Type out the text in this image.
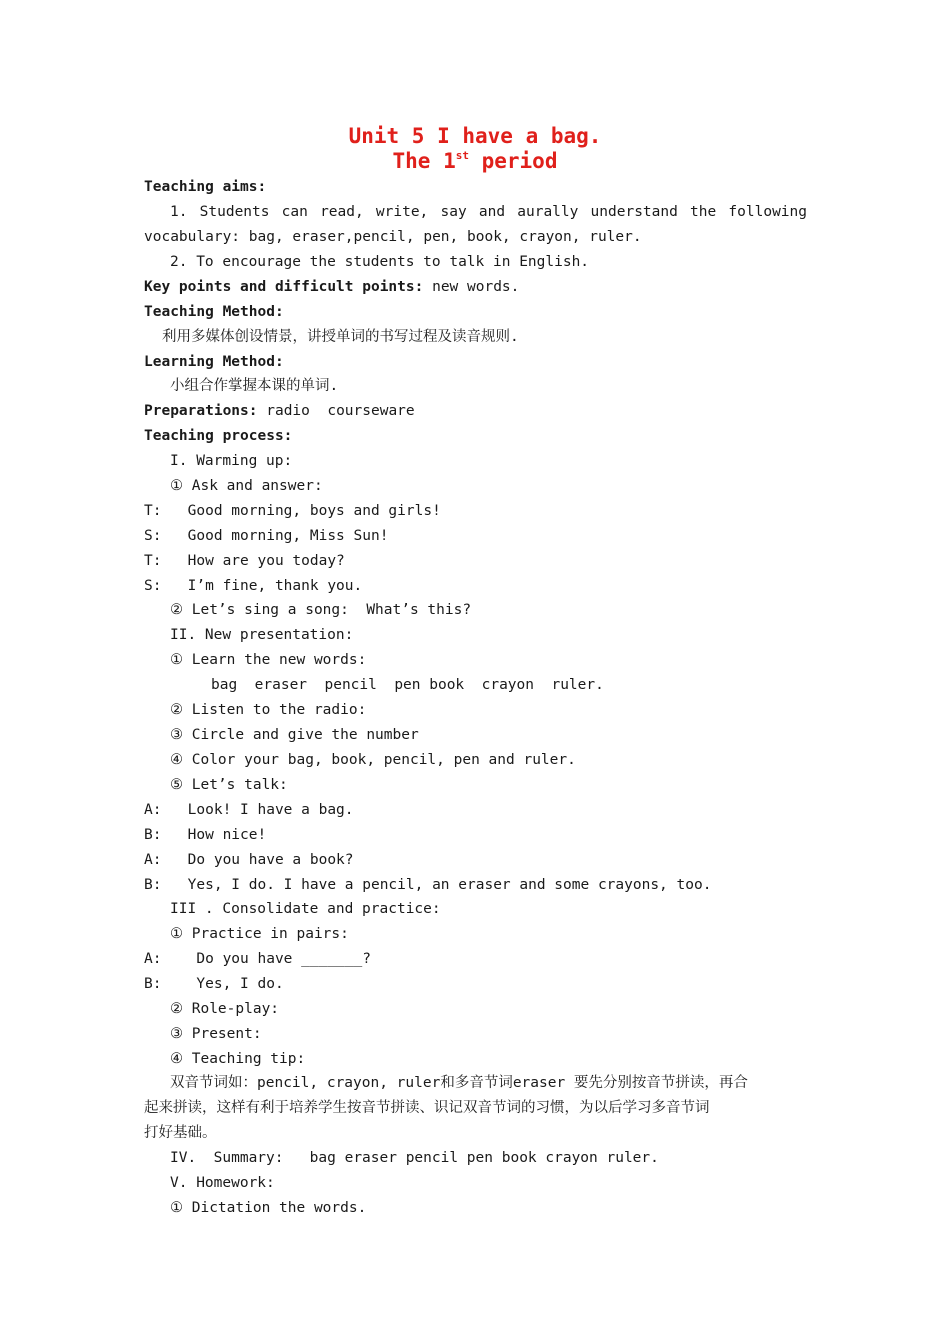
Unit 5 I have a bag.
The 1st period
Teaching aims:
1. Students can read, write, say and aurally understand the following
vocabulary: bag, eraser,pencil, pen, book, crayon, ruler.
2. To encourage the students to talk in English.
Key points and difficult points: new words.
Teaching Method:
利用多媒体创设情景，讲授单词的书写过程及读音规则.
Learning Method:
小组合作掌握本课的单词.
Preparations: radio  courseware
Teaching process:
I. Warming up:
① Ask and answer:
T:   Good morning, boys and girls!
S:   Good morning, Miss Sun!
T:   How are you today?
S:   I’m fine, thank you.
② Let’s sing a song:  What’s this?
II. New presentation:
① Learn the new words:
bag  eraser  pencil  pen book  crayon  ruler.
② Listen to the radio:
③ Circle and give the number
④ Color your bag, book, pencil, pen and ruler.
⑤ Let’s talk:
A:   Look! I have a bag.
B:   How nice!
A:   Do you have a book?
B:   Yes, I do. I have a pencil, an eraser and some crayons, too.
III . Consolidate and practice:
① Practice in pairs:
A:    Do you have _______?
B:    Yes, I do.
② Role-play:
③ Present:
④ Teaching tip:
双音节词如：pencil, crayon, ruler和多音节词eraser 要先分别按音节拼读，再合
起来拼读，这样有利于培养学生按音节拼读、识记双音节词的习惯，为以后学习多音节词
打好基础。
IV.  Summary:   bag eraser pencil pen book crayon ruler.
V. Homework:
① Dictation the words.
